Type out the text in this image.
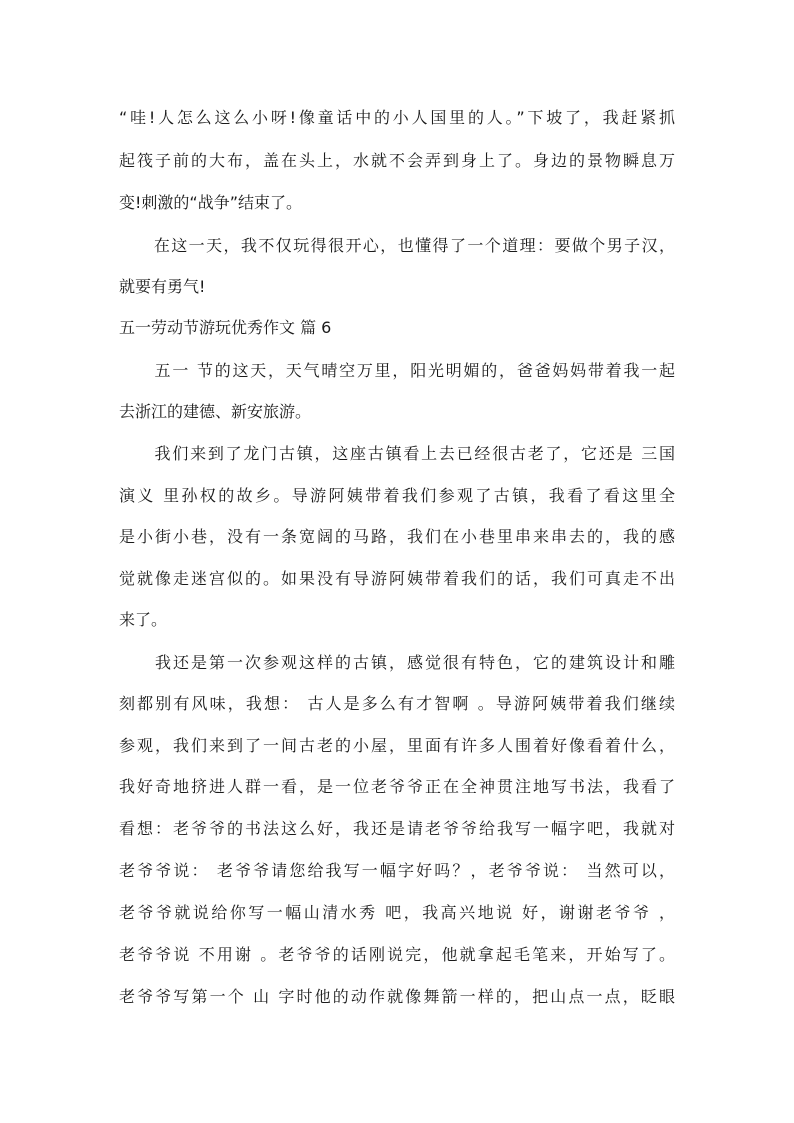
“哇!人怎么这么小呀!像童话中的小人国里的人。”下坡了，我赶紧抓
起筏子前的大布，盖在头上，水就不会弄到身上了。身边的景物瞬息万
变!刺激的“战争”结束了。
　　在这一天，我不仅玩得很开心，也懂得了一个道理：要做个男子汉，
就要有勇气!
五一劳动节游玩优秀作文 篇 6
　　五一 节的这天，天气晴空万里，阳光明媚的，爸爸妈妈带着我一起
去浙江的建德、新安旅游。
　　我们来到了龙门古镇，这座古镇看上去已经很古老了，它还是 三国
演义 里孙权的故乡。导游阿姨带着我们参观了古镇，我看了看这里全
是小街小巷，没有一条宽阔的马路，我们在小巷里串来串去的，我的感
觉就像走迷宫似的。如果没有导游阿姨带着我们的话，我们可真走不出
来了。
　　我还是第一次参观这样的古镇，感觉很有特色，它的建筑设计和雕
刻都别有风味，我想： 古人是多么有才智啊 。导游阿姨带着我们继续
参观，我们来到了一间古老的小屋，里面有许多人围着好像看着什么，
我好奇地挤进人群一看，是一位老爷爷正在全神贯注地写书法，我看了
看想：老爷爷的书法这么好，我还是请老爷爷给我写一幅字吧，我就对
老爷爷说： 老爷爷请您给我写一幅字好吗？，老爷爷说： 当然可以，
老爷爷就说给你写一幅山清水秀 吧，我高兴地说 好，谢谢老爷爷 ，
老爷爷说 不用谢 。老爷爷的话刚说完，他就拿起毛笔来，开始写了。
老爷爷写第一个 山 字时他的动作就像舞箭一样的，把山点一点，眨眼
